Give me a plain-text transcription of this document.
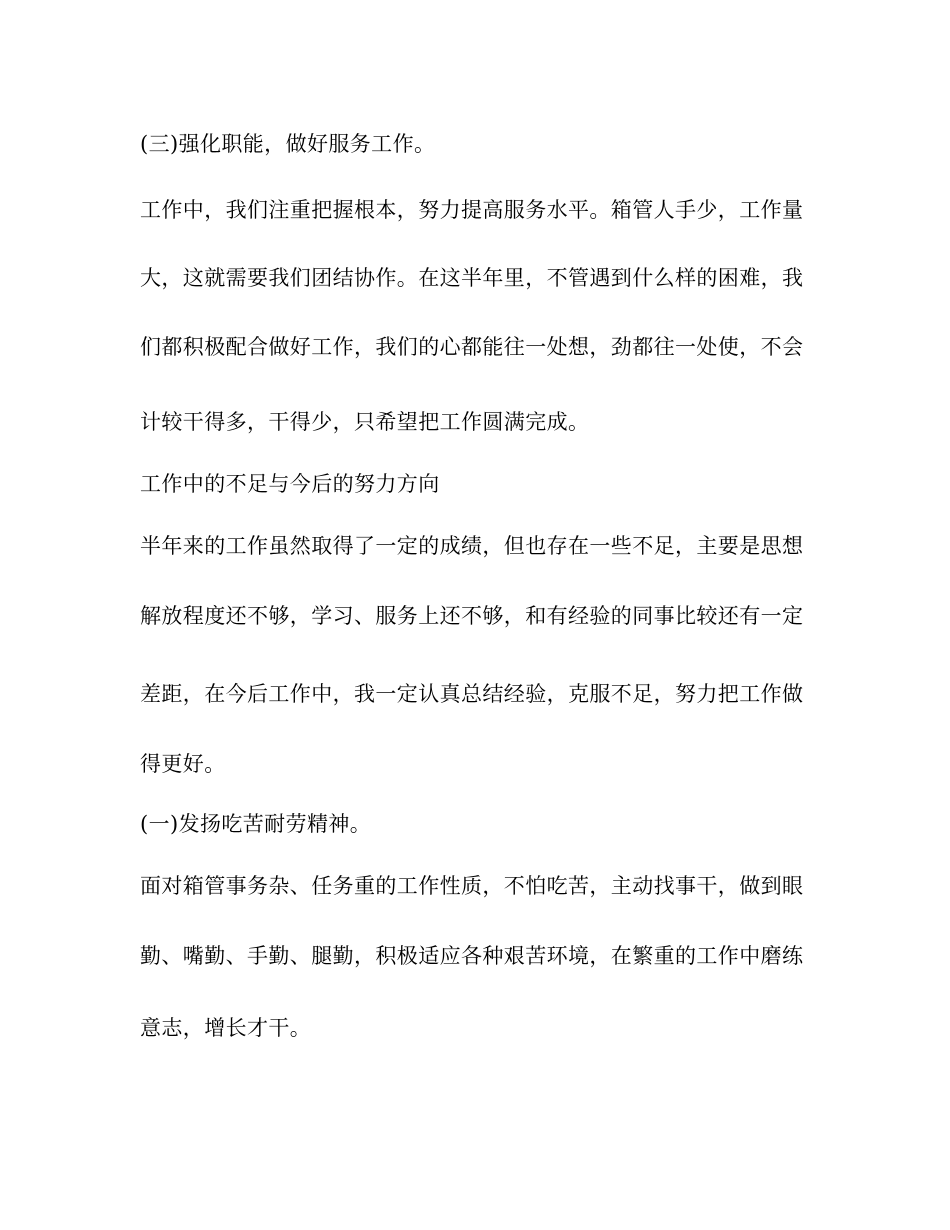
(三)强化职能，做好服务工作。
工作中，我们注重把握根本，努力提高服务水平。箱管人手少，工作量
大，这就需要我们团结协作。在这半年里，不管遇到什么样的困难，我
们都积极配合做好工作，我们的心都能往一处想，劲都往一处使，不会
计较干得多，干得少，只希望把工作圆满完成。
工作中的不足与今后的努力方向
半年来的工作虽然取得了一定的成绩，但也存在一些不足，主要是思想
解放程度还不够，学习、服务上还不够，和有经验的同事比较还有一定
差距，在今后工作中，我一定认真总结经验，克服不足，努力把工作做
得更好。
(一)发扬吃苦耐劳精神。
面对箱管事务杂、任务重的工作性质，不怕吃苦，主动找事干，做到眼
勤、嘴勤、手勤、腿勤，积极适应各种艰苦环境，在繁重的工作中磨练
意志，增长才干。
